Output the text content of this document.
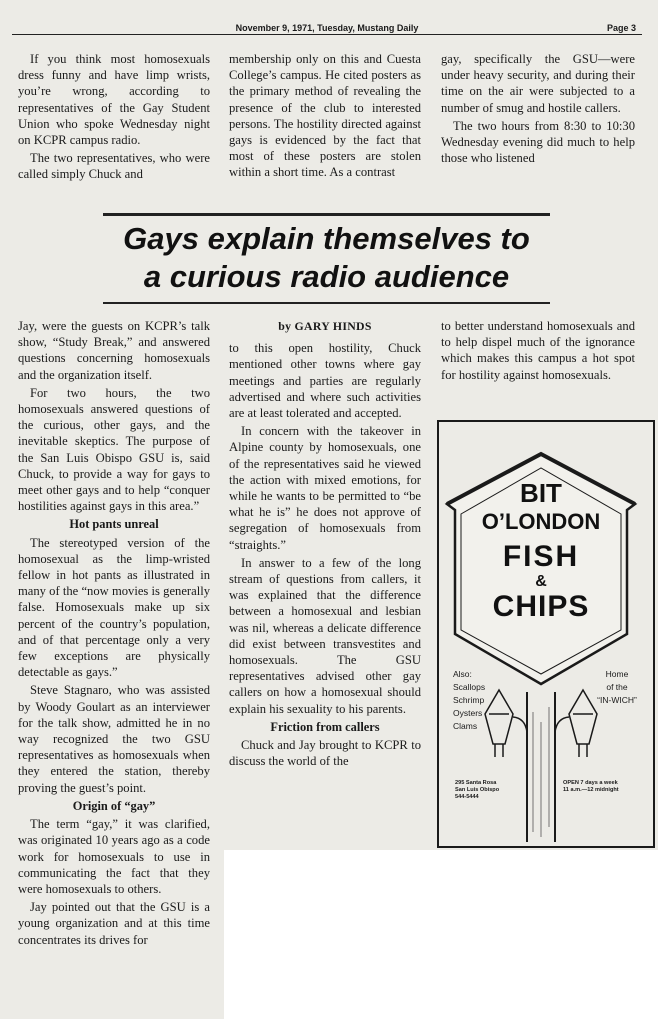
November 9, 1971, Tuesday, Mustang Daily	Page 3

If you think most homosexuals dress funny and have limp wrists, you’re wrong, according to representatives of the Gay Student Union who spoke Wednesday night on KCPR campus radio.

The two representatives, who were called simply Chuck and

membership only on this and Cuesta College’s campus. He cited posters as the primary method of revealing the presence of the club to interested persons. The hostility directed against gays is evidenced by the fact that most of these posters are stolen within a short time. As a contrast

gay, specifically the GSU—were under heavy security, and during their time on the air were subjected to a number of smug and hostile callers.

The two hours from 8:30 to 10:30 Wednesday evening did much to help those who listened

Gays explain themselves to
a curious radio audience

Jay, were the guests on KCPR’s talk show, “Study Break,” and answered questions concerning homosexuals and the organization itself.

For two hours, the two homosexuals answered questions of the curious, other gays, and the inevitable skeptics. The purpose of the San Luis Obispo GSU is, said Chuck, to provide a way for gays to meet other gays and to help “conquer hostilities against gays in this area.”

Hot pants unreal

The stereotyped version of the homosexual as the limp-wristed fellow in hot pants as illustrated in many of the “now movies is generally false. Homosexuals make up six percent of the country’s population, and of that percentage only a very few exceptions are physically detectable as gays.”

Steve Stagnaro, who was assisted by Woody Goulart as an interviewer for the talk show, admitted he in no way recognized the two GSU representatives as homosexuals when they entered the station, thereby proving the guest’s point.

Origin of “gay”

The term “gay,” it was clarified, was originated 10 years ago as a code work for homosexuals to use in communicating the fact that they were homosexuals to others.

Jay pointed out that the GSU is a young organization and at this time concentrates its drives for

by GARY HINDS

to this open hostility, Chuck mentioned other towns where gay meetings and parties are regularly advertised and where such activities are at least tolerated and accepted.

In concern with the takeover in Alpine county by homosexuals, one of the representatives said he viewed the action with mixed emotions, for while he wants to be permitted to “be what he is” he does not approve of segregation of homosexuals from “straights.”

In answer to a few of the long stream of questions from callers, it was explained that the difference between a homosexual and lesbian was nil, whereas a delicate difference did exist between transvestites and homosexuals. The GSU representatives advised other gay callers on how a homosexual should explain his sexuality to his parents.

Friction from callers

Chuck and Jay brought to KCPR to discuss the world of the

to better understand homosexuals and to help dispel much of the ignorance which makes this campus a hot spot for hostility against homosexuals.

BIT
O’LONDON
FISH
&
CHIPS
Also:
Scallops
Schrimp
Oysters
Clams
Home
of the
“IN-WICH”
295 Santa Rosa
San Luis Obispo
544-5444
OPEN 7 days a week
11 a.m.—12 midnight
